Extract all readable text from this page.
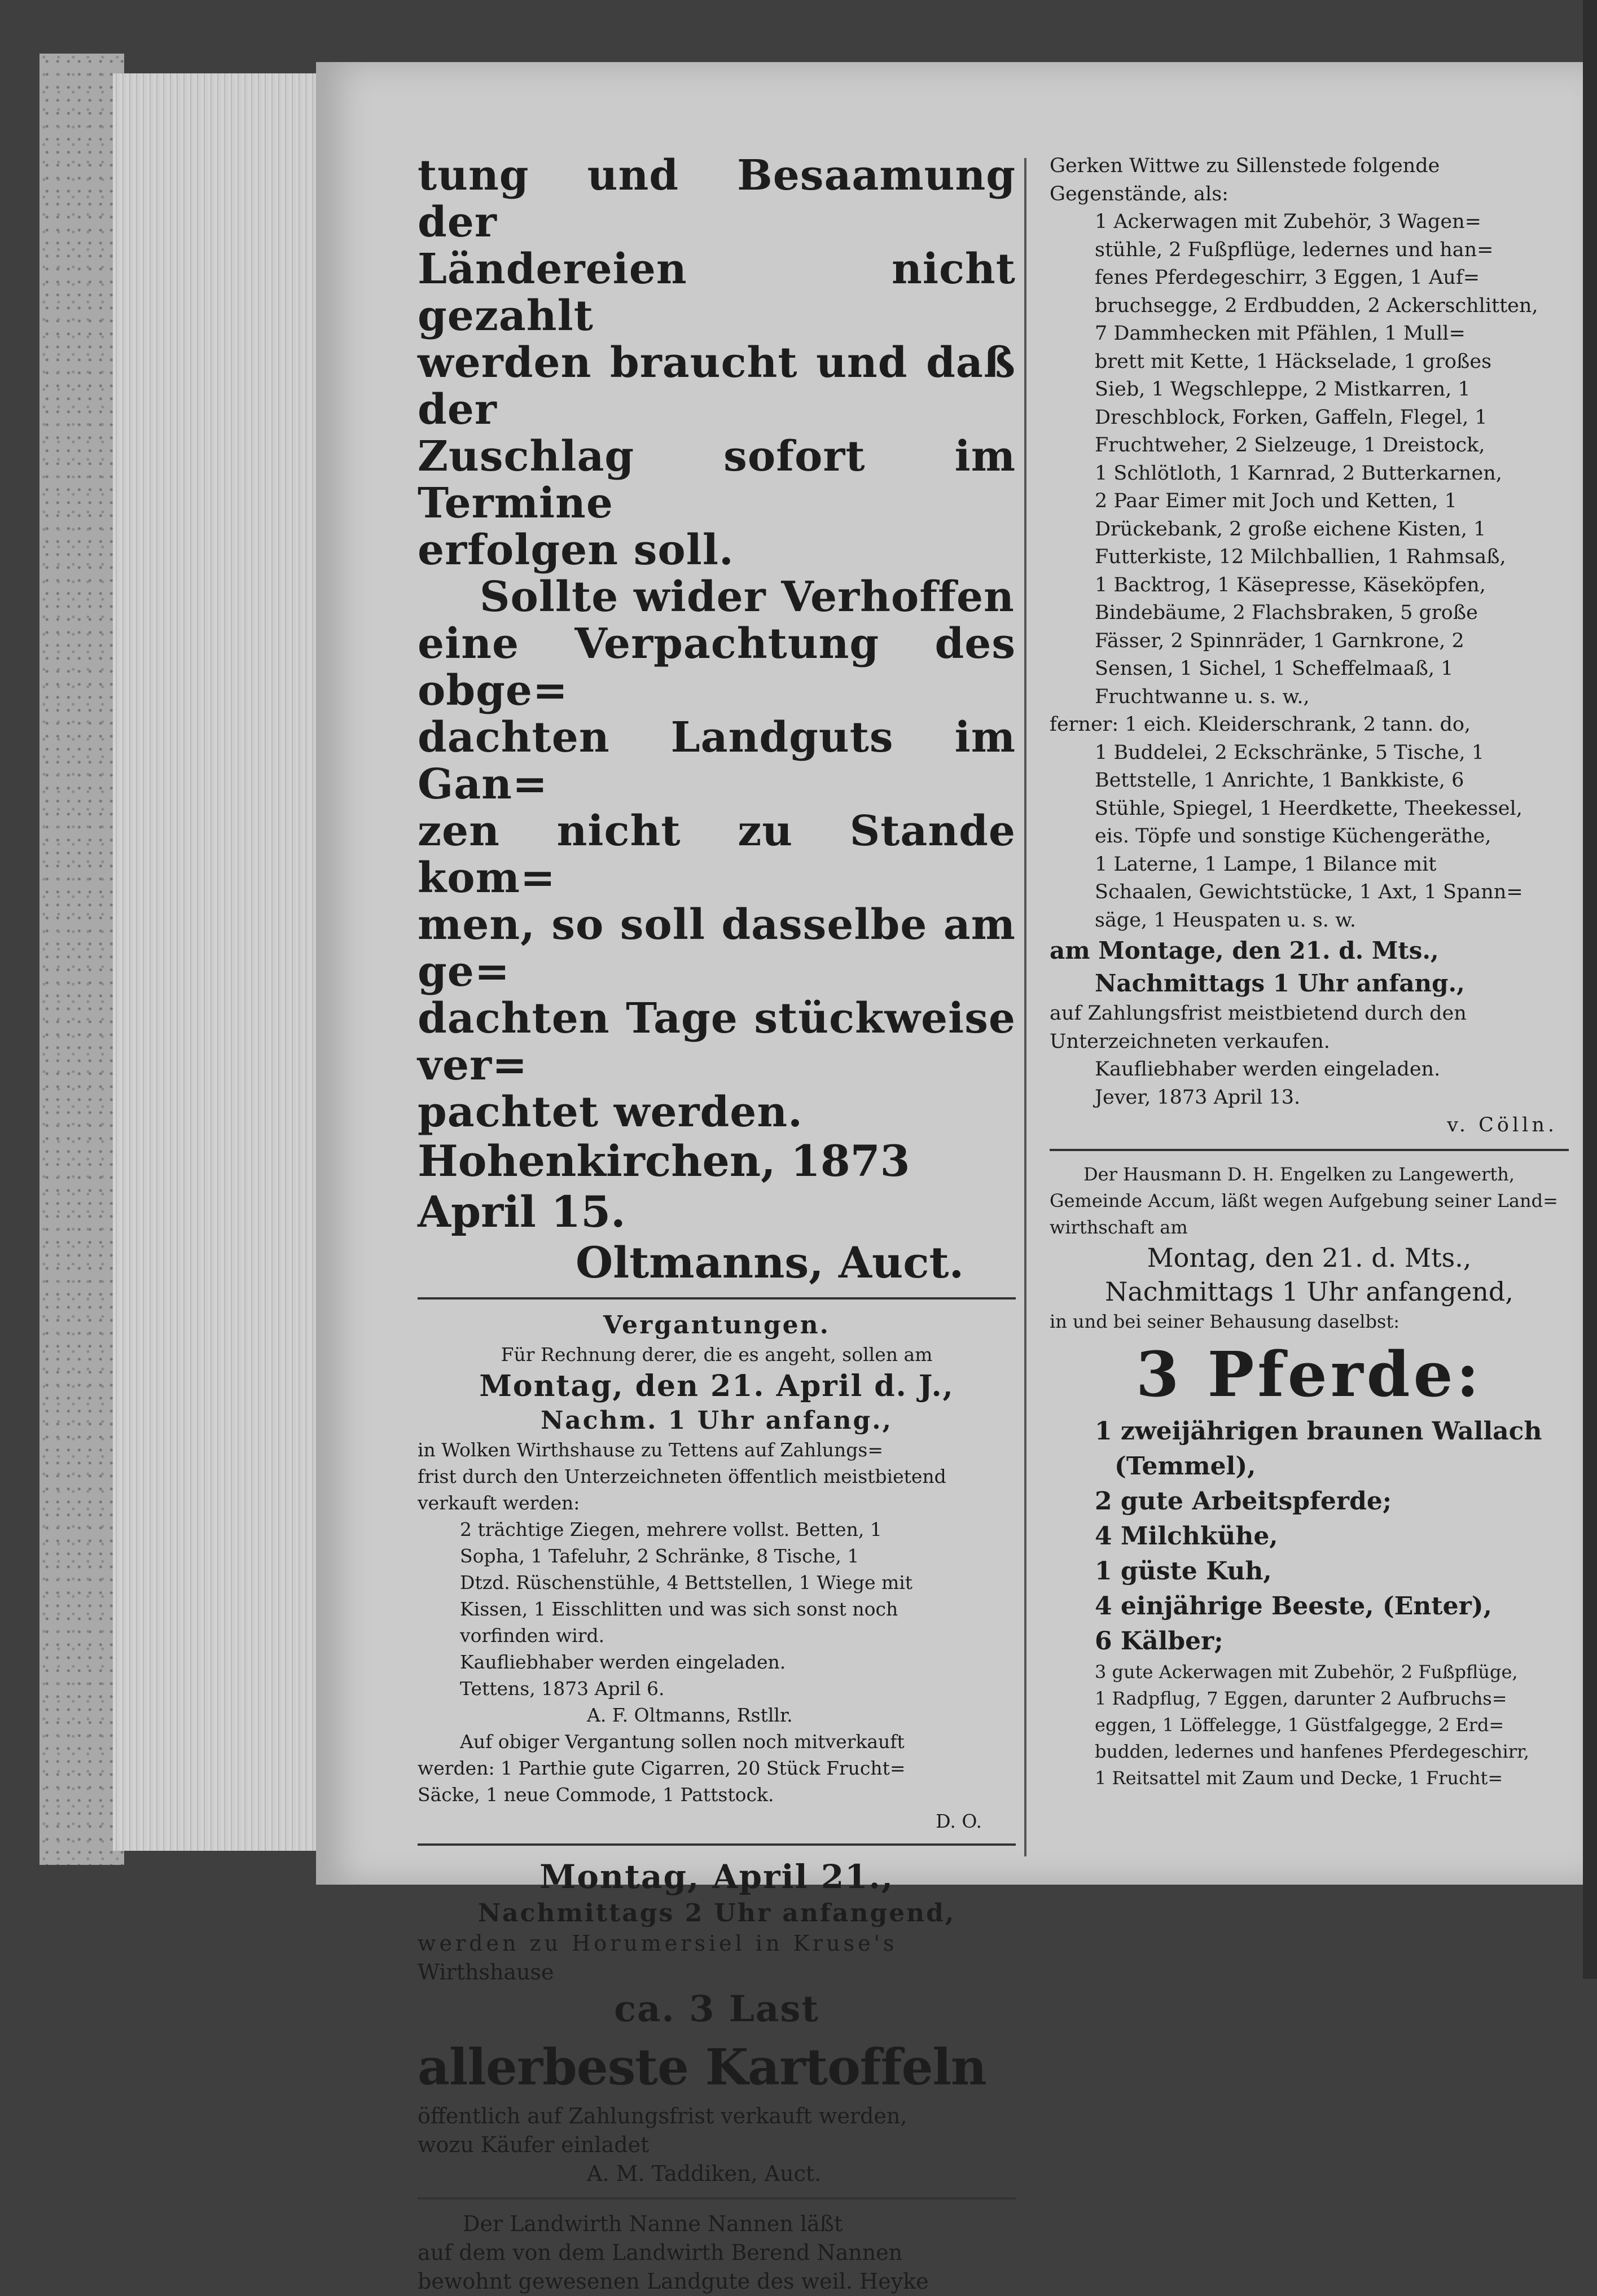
tung und Besaamung der

Ländereien nicht gezahlt

werden braucht und daß der

Zuschlag sofort im Termine

erfolgen soll.

Sollte wider Verhoffen

eine Verpachtung des obge=

dachten Landguts im Gan=

zen nicht zu Stande kom=

men, so soll dasselbe am ge=

dachten Tage stückweise ver=

pachtet werden.

Hohenkirchen, 1873 April 15.

Oltmanns, Auct.

Vergantungen.

Für Rechnung derer, die es angeht, sollen am

Montag, den 21. April d. J.,

Nachm. 1 Uhr anfang.,

in Wolken Wirthshause zu Tettens auf Zahlungs=

frist durch den Unterzeichneten öffentlich meistbietend

verkauft werden:

2 trächtige Ziegen, mehrere vollst. Betten, 1

Sopha, 1 Tafeluhr, 2 Schränke, 8 Tische, 1

Dtzd. Rüschenstühle, 4 Bettstellen, 1 Wiege mit

Kissen, 1 Eisschlitten und was sich sonst noch

vorfinden wird.

Kaufliebhaber werden eingeladen.

Tettens, 1873 April 6.

A. F. Oltmanns, Rstllr.

Auf obiger Vergantung sollen noch mitverkauft

werden: 1 Parthie gute Cigarren, 20 Stück Frucht=

Säcke, 1 neue Commode, 1 Pattstock.

D. O.

Montag, April 21.,

Nachmittags 2 Uhr anfangend,

werden zu Horumersiel in Kruse's

Wirthshause

ca. 3 Last

allerbeste Kartoffeln

öffentlich auf Zahlungsfrist verkauft werden,

wozu Käufer einladet

A. M. Taddiken, Auct.

Der Landwirth Nanne Nannen läßt

auf dem von dem Landwirth Berend Nannen

bewohnt gewesenen Landgute des weil. Heyke

Gerken Wittwe zu Sillenstede folgende

Gegenstände, als:

1 Ackerwagen mit Zubehör, 3 Wagen=

stühle, 2 Fußpflüge, ledernes und han=

fenes Pferdegeschirr, 3 Eggen, 1 Auf=

bruchsegge, 2 Erdbudden, 2 Ackerschlitten,

7 Dammhecken mit Pfählen, 1 Mull=

brett mit Kette, 1 Häckselade, 1 großes

Sieb, 1 Wegschleppe, 2 Mistkarren, 1

Dreschblock, Forken, Gaffeln, Flegel, 1

Fruchtweher, 2 Sielzeuge, 1 Dreistock,

1 Schlötloth, 1 Karnrad, 2 Butterkarnen,

2 Paar Eimer mit Joch und Ketten, 1

Drückebank, 2 große eichene Kisten, 1

Futterkiste, 12 Milchballien, 1 Rahmsaß,

1 Backtrog, 1 Käsepresse, Käseköpfen,

Bindebäume, 2 Flachsbraken, 5 große

Fässer, 2 Spinnräder, 1 Garnkrone, 2

Sensen, 1 Sichel, 1 Scheffelmaaß, 1

Fruchtwanne u. s. w.,

ferner: 1 eich. Kleiderschrank, 2 tann. do,

1 Buddelei, 2 Eckschränke, 5 Tische, 1

Bettstelle, 1 Anrichte, 1 Bankkiste, 6

Stühle, Spiegel, 1 Heerdkette, Theekessel,

eis. Töpfe und sonstige Küchengeräthe,

1 Laterne, 1 Lampe, 1 Bilance mit

Schaalen, Gewichtstücke, 1 Axt, 1 Spann=

säge, 1 Heuspaten u. s. w.

am Montage, den 21. d. Mts.,

Nachmittags 1 Uhr anfang.,

auf Zahlungsfrist meistbietend durch den

Unterzeichneten verkaufen.

Kaufliebhaber werden eingeladen.

Jever, 1873 April 13.

v. Cölln.

Der Hausmann D. H. Engelken zu Langewerth,

Gemeinde Accum, läßt wegen Aufgebung seiner Land=

wirthschaft am

Montag, den 21. d. Mts.,

Nachmittags 1 Uhr anfangend,

in und bei seiner Behausung daselbst:

3 Pferde:

1 zweijährigen braunen Wallach

(Temmel),

2 gute Arbeitspferde;

4 Milchkühe,

1 güste Kuh,

4 einjährige Beeste, (Enter),

6 Kälber;

3 gute Ackerwagen mit Zubehör, 2 Fußpflüge,

1 Radpflug, 7 Eggen, darunter 2 Aufbruchs=

eggen, 1 Löffelegge, 1 Güstfalgegge, 2 Erd=

budden, ledernes und hanfenes Pferdegeschirr,

1 Reitsattel mit Zaum und Decke, 1 Frucht=
